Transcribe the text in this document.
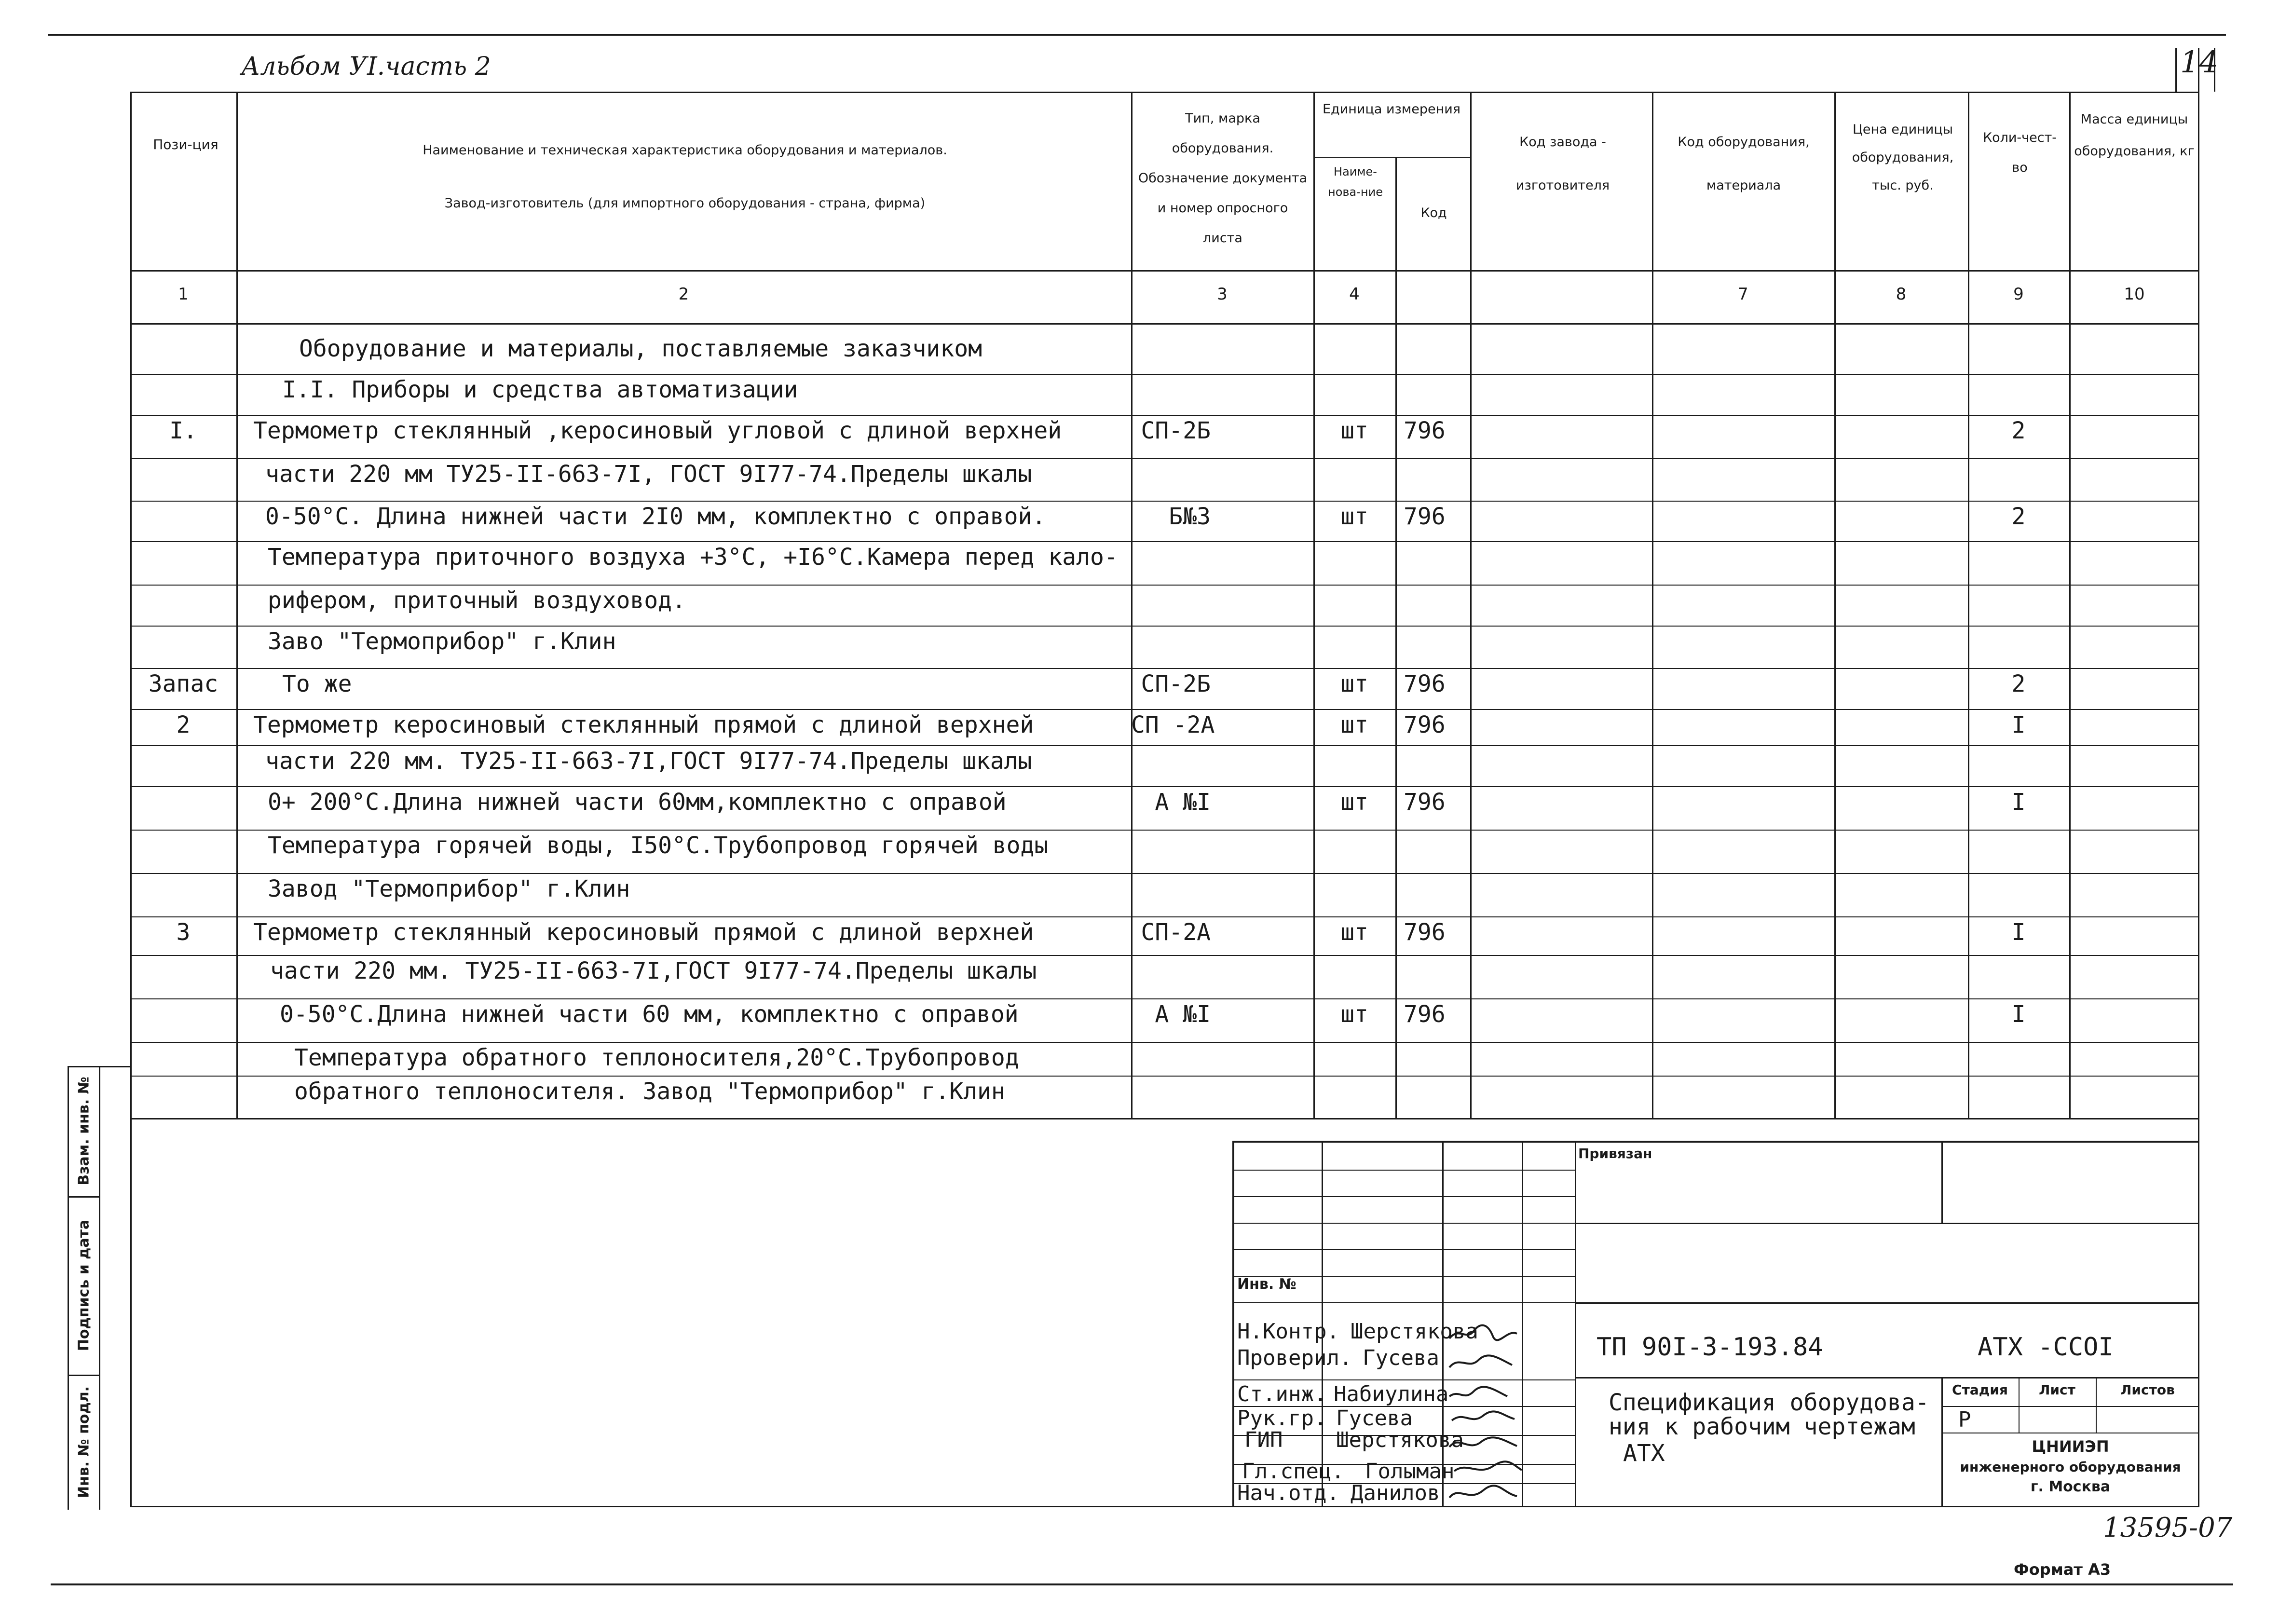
Альбом УI.часть 2	14
Пози-ция	Наименование и техническая характеристика оборудования и материалов.
Завод-изготовитель (для импортного оборудования - страна, фирма)
Тип, марка оборудования. Обозначение документа и номер опросного листа
Единица измерения
Наиме-нова-ние
Код
Код завода - изготовителя
Код оборудования, материала
Цена единицы оборудования, тыс. руб.
Коли-чест-во
Масса единицы оборудования, кг
1	2	3	4	7	8	9	10
Оборудование и материалы, поставляемые заказчиком
I.I. Приборы и средства автоматизации
I.	Термометр стеклянный ,керосиновый угловой с длиной верхней	СП-2Б	шт	796	2
части 220 мм ТУ25-II-663-7I, ГОСТ 9I77-74.Пределы шкалы
0-50°С. Длина нижней части 2I0 мм, комплектно с оправой.	Б№3	шт	796	2
Температура приточного воздуха +3°С, +I6°С.Камера перед кало-
рифером, приточный воздуховод.
Заво "Термоприбор" г.Клин
Запас	То же	СП-2Б	шт	796	2
2	Термометр керосиновый стеклянный прямой с длиной верхней	СП -2А	шт	796	I
части 220 мм. ТУ25-II-663-7I,ГОСТ 9I77-74.Пределы шкалы
0+ 200°С.Длина нижней части 60мм,комплектно с оправой	А №I	шт	796	I
Температура горячей воды, I50°С.Трубопровод горячей воды
Завод "Термоприбор" г.Клин
3	Термометр стеклянный керосиновый прямой с длиной верхней	СП-2А	шт	796	I
части 220 мм. ТУ25-II-663-7I,ГОСТ 9I77-74.Пределы шкалы
0-50°С.Длина нижней части 60 мм, комплектно с оправой	А №I	шт	796	I
Температура обратного теплоносителя,20°С.Трубопровод
обратного теплоносителя. Завод "Термоприбор" г.Клин
Взам. инв. №
Подпись и дата
Инв. № подл.
Инв. №
Н.Контр. Шерстякова
Проверил. Гусева
Ст.инж. Набиулина
Рук.гр. Гусева
ГИП	Шерстякова
Гл.спец. Голыман
Нач.отд. Данилов
Привязан
ТП 90I-3-193.84	АТХ -ССОI
Спецификация оборудова-
ния к рабочим чертежам
АТХ
Стадия	Лист	Листов
Р
ЦНИИЭП
инженерного оборудования
г. Москва
13595-07
Формат А3
